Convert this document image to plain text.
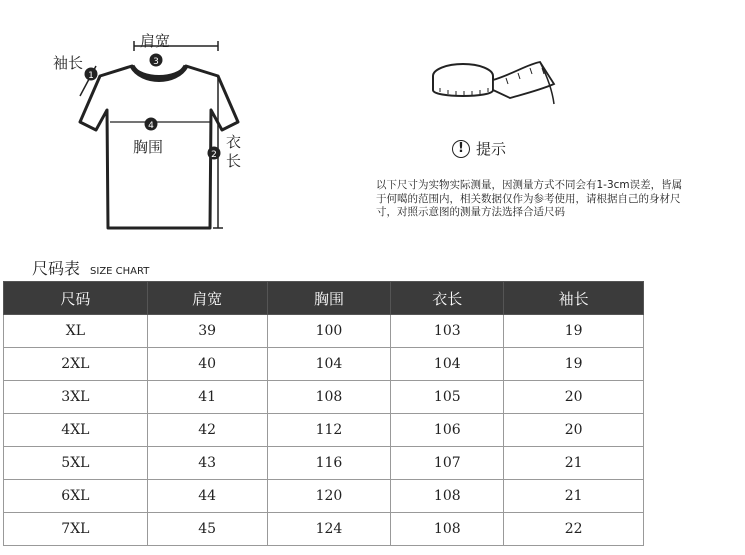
3
4
2
1
肩宽
袖长
胸围	衣
长
! 提示
以下尺寸为实物实际测量，因测量方式不同会有1-3cm误差，皆属于何噶的范围内，相关数据仅作为参考使用，请根据自己的身材尺寸，对照示意图的测量方法选择合适尺码
尺码表 SIZE CHART
尺码	肩宽	胸围	衣长	袖长
XL	39	100	103	19
2XL	40	104	104	19
3XL	41	108	105	20
4XL	42	112	106	20
5XL	43	116	107	21
6XL	44	120	108	21
7XL	45	124	108	22
